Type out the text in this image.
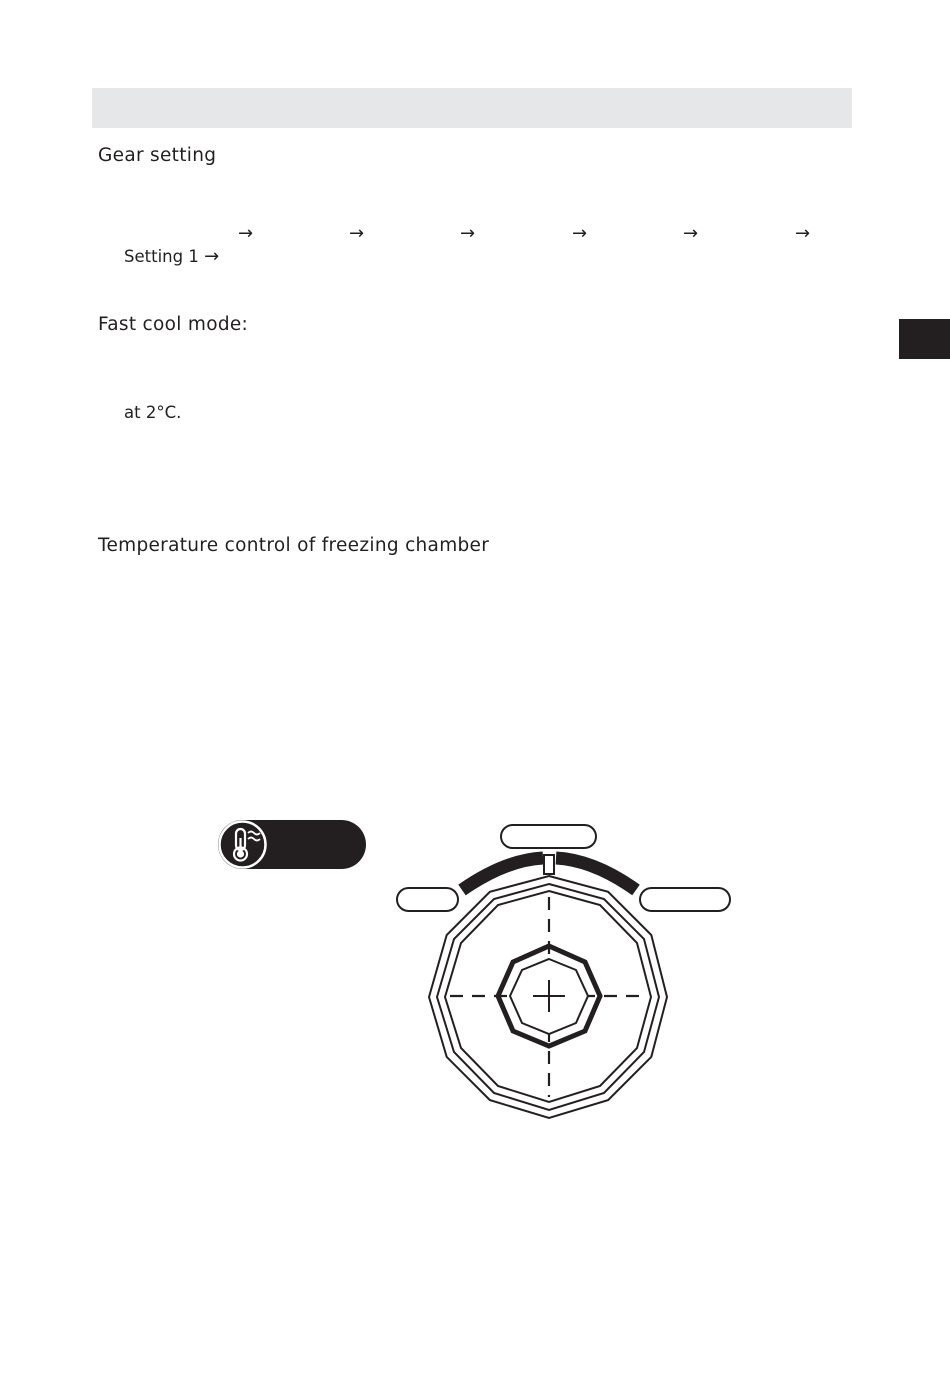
Gear setting
→	→	→	→	→	→

Setting 1 →

Fast cool mode:

at 2°C.

Temperature control of freezing chamber
